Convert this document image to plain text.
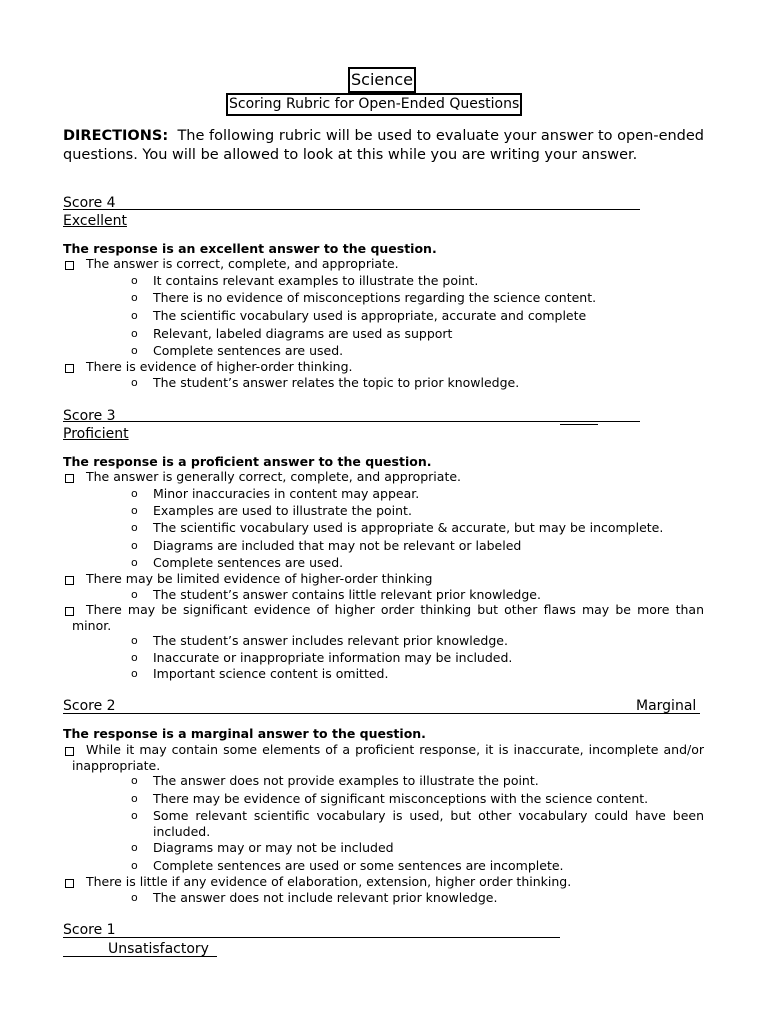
Science
Scoring Rubric for Open-Ended Questions
DIRECTIONS: The following rubric will be used to evaluate your answer to open-ended questions. You will be allowed to look at this while you are writing your answer.
Score 4
Excellent
The response is an excellent answer to the question.
The answer is correct, complete, and appropriate.
o It contains relevant examples to illustrate the point.
o There is no evidence of misconceptions regarding the science content.
o The scientific vocabulary used is appropriate, accurate and complete
o Relevant, labeled diagrams are used as support
o Complete sentences are used.
There is evidence of higher-order thinking.
o The student’s answer relates the topic to prior knowledge.
Score 3
Proficient
The response is a proficient answer to the question.
The answer is generally correct, complete, and appropriate.
o Minor inaccuracies in content may appear.
o Examples are used to illustrate the point.
o The scientific vocabulary used is appropriate & accurate, but may be incomplete.
o Diagrams are included that may not be relevant or labeled
o Complete sentences are used.
There may be limited evidence of higher-order thinking
o The student’s answer contains little relevant prior knowledge.
There may be significant evidence of higher order thinking but other flaws may be more than minor.
o The student’s answer includes relevant prior knowledge.
o Inaccurate or inappropriate information may be included.
o Important science content is omitted.
Score 2	Marginal
The response is a marginal answer to the question.
While it may contain some elements of a proficient response, it is inaccurate, incomplete and/or inappropriate.
o The answer does not provide examples to illustrate the point.
o There may be evidence of significant misconceptions with the science content.
o Some relevant scientific vocabulary is used, but other vocabulary could have been included.
o Diagrams may or may not be included
o Complete sentences are used or some sentences are incomplete.
There is little if any evidence of elaboration, extension, higher order thinking.
o The answer does not include relevant prior knowledge.
Score 1
Unsatisfactory
